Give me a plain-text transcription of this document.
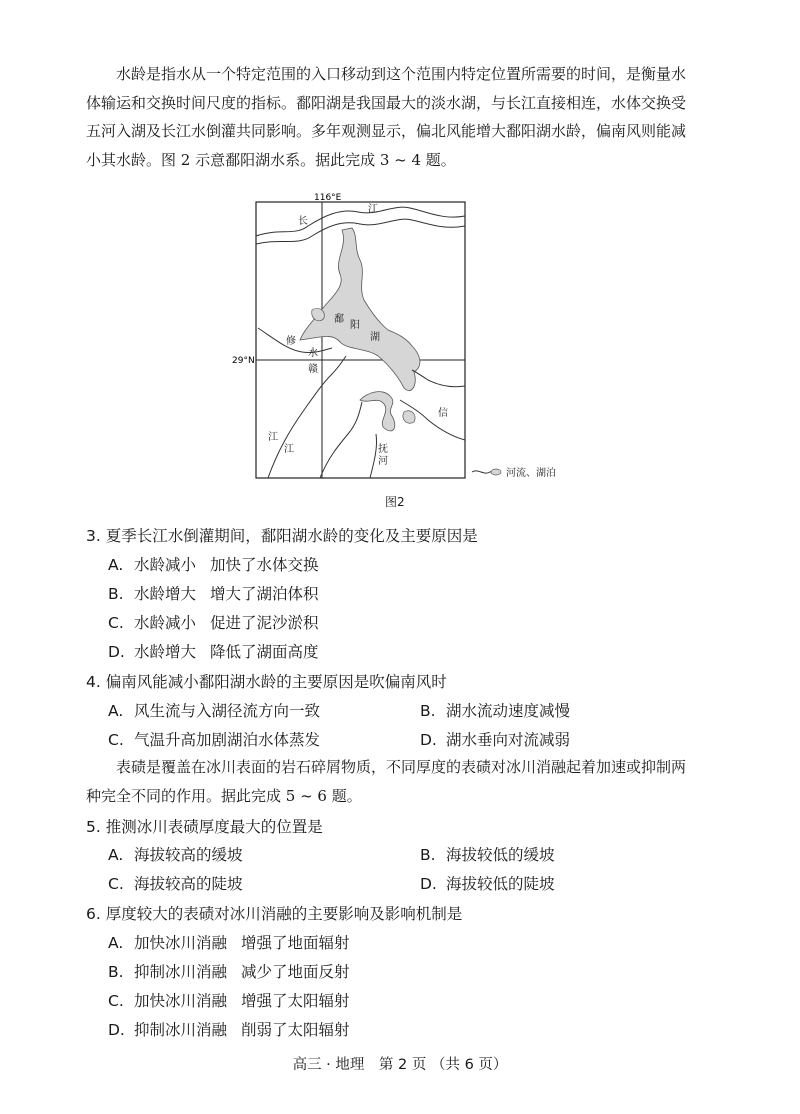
水龄是指水从一个特定范围的入口移动到这个范围内特定位置所需要的时间，是衡量水
体输运和交换时间尺度的指标。鄱阳湖是我国最大的淡水湖，与长江直接相连，水体交换受
五河入湖及长江水倒灌共同影响。多年观测显示，偏北风能增大鄱阳湖水龄，偏南风则能减
小其水龄。图 2 示意鄱阳湖水系。据此完成 3 ~ 4 题。
116°E
29°N
长
江
鄱
阳
湖
修
水
赣
江
信
抚
河
江
河流、湖泊
图2
3. 夏季长江水倒灌期间，鄱阳湖水龄的变化及主要原因是
A. 水龄减小 加快了水体交换
B. 水龄增大 增大了湖泊体积
C. 水龄减小 促进了泥沙淤积
D. 水龄增大 降低了湖面高度
4. 偏南风能减小鄱阳湖水龄的主要原因是吹偏南风时
A. 风生流与入湖径流方向一致	B. 湖水流动速度减慢
C. 气温升高加剧湖泊水体蒸发	D. 湖水垂向对流减弱
表碛是覆盖在冰川表面的岩石碎屑物质，不同厚度的表碛对冰川消融起着加速或抑制两
种完全不同的作用。据此完成 5 ~ 6 题。
5. 推测冰川表碛厚度最大的位置是
A. 海拔较高的缓坡	B. 海拔较低的缓坡
C. 海拔较高的陡坡	D. 海拔较低的陡坡
6. 厚度较大的表碛对冰川消融的主要影响及影响机制是
A. 加快冰川消融 增强了地面辐射
B. 抑制冰川消融 减少了地面反射
C. 加快冰川消融 增强了太阳辐射
D. 抑制冰川消融 削弱了太阳辐射
高三 · 地理　第 2 页 （共 6 页）
